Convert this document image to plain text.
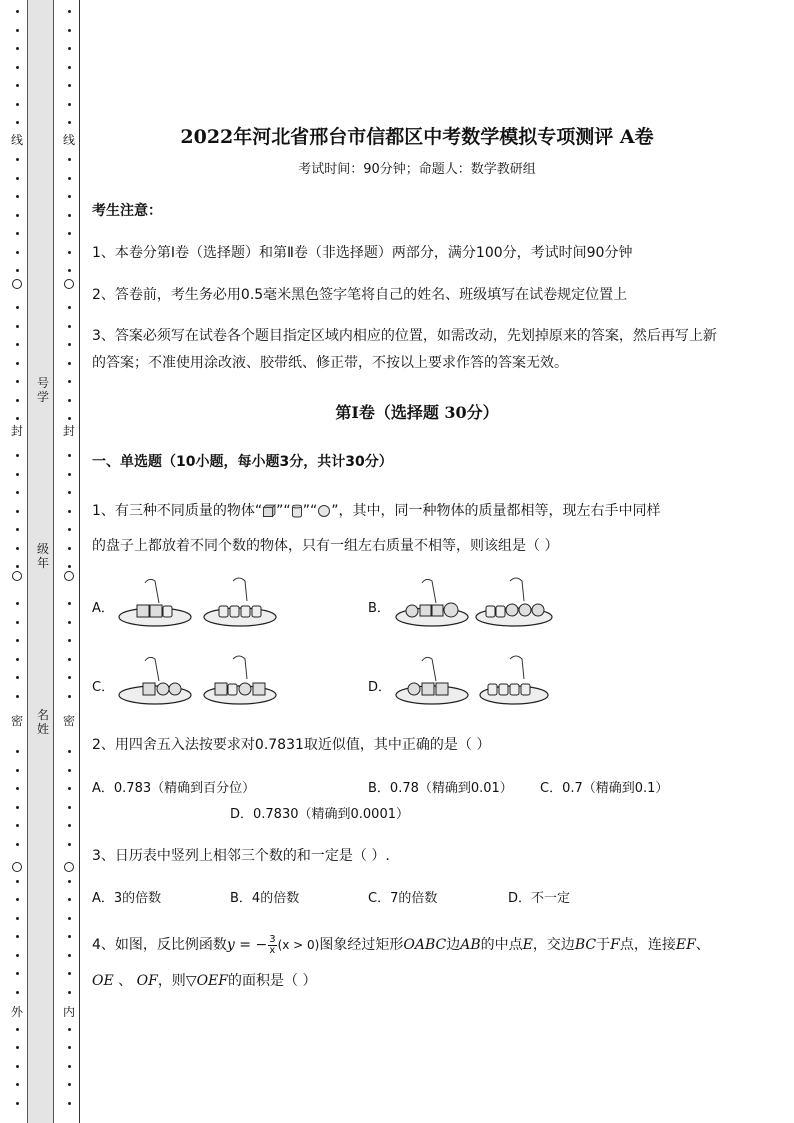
线
封
密
外
线
封
密
内
号
学
级
年
名
姓
2022年河北省邢台市信都区中考数学模拟专项测评 A卷
考试时间：90分钟；命题人：数学教研组
考生注意：
1、本卷分第I卷（选择题）和第Ⅱ卷（非选择题）两部分，满分100分，考试时间90分钟
2、答卷前，考生务必用0.5毫米黑色签字笔将自己的姓名、班级填写在试卷规定位置上
3、答案必须写在试卷各个题目指定区域内相应的位置，如需改动，先划掉原来的答案，然后再写上新
的答案；不准使用涂改液、胶带纸、修正带，不按以上要求作答的答案无效。
第I卷（选择题 30分）
一、单选题（10小题，每小题3分，共计30分）
1、有三种不同质量的物体“ ”“ ”“ ”，其中，同一种物体的质量都相等，现左右手中同样
的盘子上都放着不同个数的物体，只有一组左右质量不相等，则该组是（ ）
A．	B．
C．	D．
2、用四舍五入法按要求对0.7831取近似值，其中正确的是（ ）
A．0.783（精确到百分位）	B．0.78（精确到0.01） C．0.7（精确到0.1）
D．0.7830（精确到0.0001）
3、日历表中竖列上相邻三个数的和一定是（ ）.
A．3的倍数	B．4的倍数	C．7的倍数	D．不一定
4、如图，反比例函数y = − $\frac{3}{x} (x > 0)$图象经过矩形OABC边AB的中点E，交边BC于F点，连接EF、
OE 、 OF，则▽OEF的面积是（ ）
